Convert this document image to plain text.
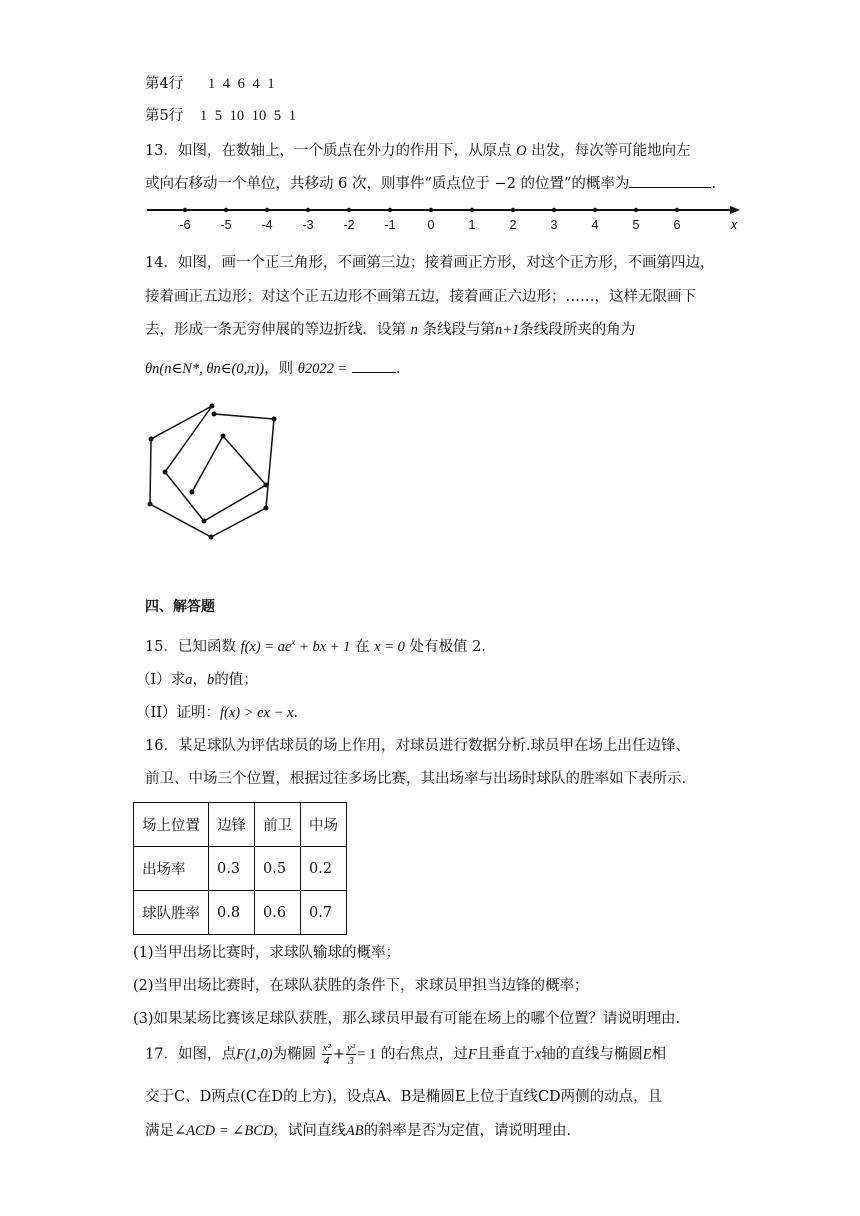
第4行 1 4 6 4 1
第5行 1 5 10 10 5 1
13．如图，在数轴上，一个质点在外力的作用下，从原点 O 出发，每次等可能地向左
或向右移动一个单位，共移动 6 次，则事件“质点位于 −2 的位置”的概率为	.
x
-6 -5 -4 -3 -2 -1	0	1	2	3	4	5	6
14．如图，画一个正三角形，不画第三边；接着画正方形，对这个正方形，不画第四边，
接着画正五边形；对这个正五边形不画第五边，接着画正六边形；……，这样无限画下
去，形成一条无穷伸展的等边折线．设第 n 条线段与第n+1条线段所夹的角为
θn(n∈N*, θn∈(0,π))，则 θ2022 =	.
四、解答题
15．已知函数 $f(x) = ae^x$ + bx + 1 在 x = 0 处有极值 2．
（I）求a，b的值；
（II）证明：f(x) > ex − x．
16．某足球队为评估球员的场上作用，对球员进行数据分析.球员甲在场上出任边锋、
前卫、中场三个位置，根据过往多场比赛，其出场率与出场时球队的胜率如下表所示.
场上位置	边锋	前卫	中场
出场率	0.3	0.5	0.2
球队胜率	0.8	0.6	0.7
(1)当甲出场比赛时，求球队输球的概率；
(2)当甲出场比赛时，在球队获胜的条件下，求球员甲担当边锋的概率；
(3)如果某场比赛该足球队获胜，那么球员甲最有可能在场上的哪个位置？请说明理由.
17．如图，点F(1,0)为椭圆 $\frac{\text{x²}}{4} + \frac{\text{y²}}{3} = 1$ 的右焦点，过F且垂直于x轴的直线与椭圆E相
交于C、D两点(C在D的上方)，设点A、B是椭圆E上位于直线CD两侧的动点，且
满足∠ACD = ∠BCD，试问直线AB的斜率是否为定值，请说明理由.
